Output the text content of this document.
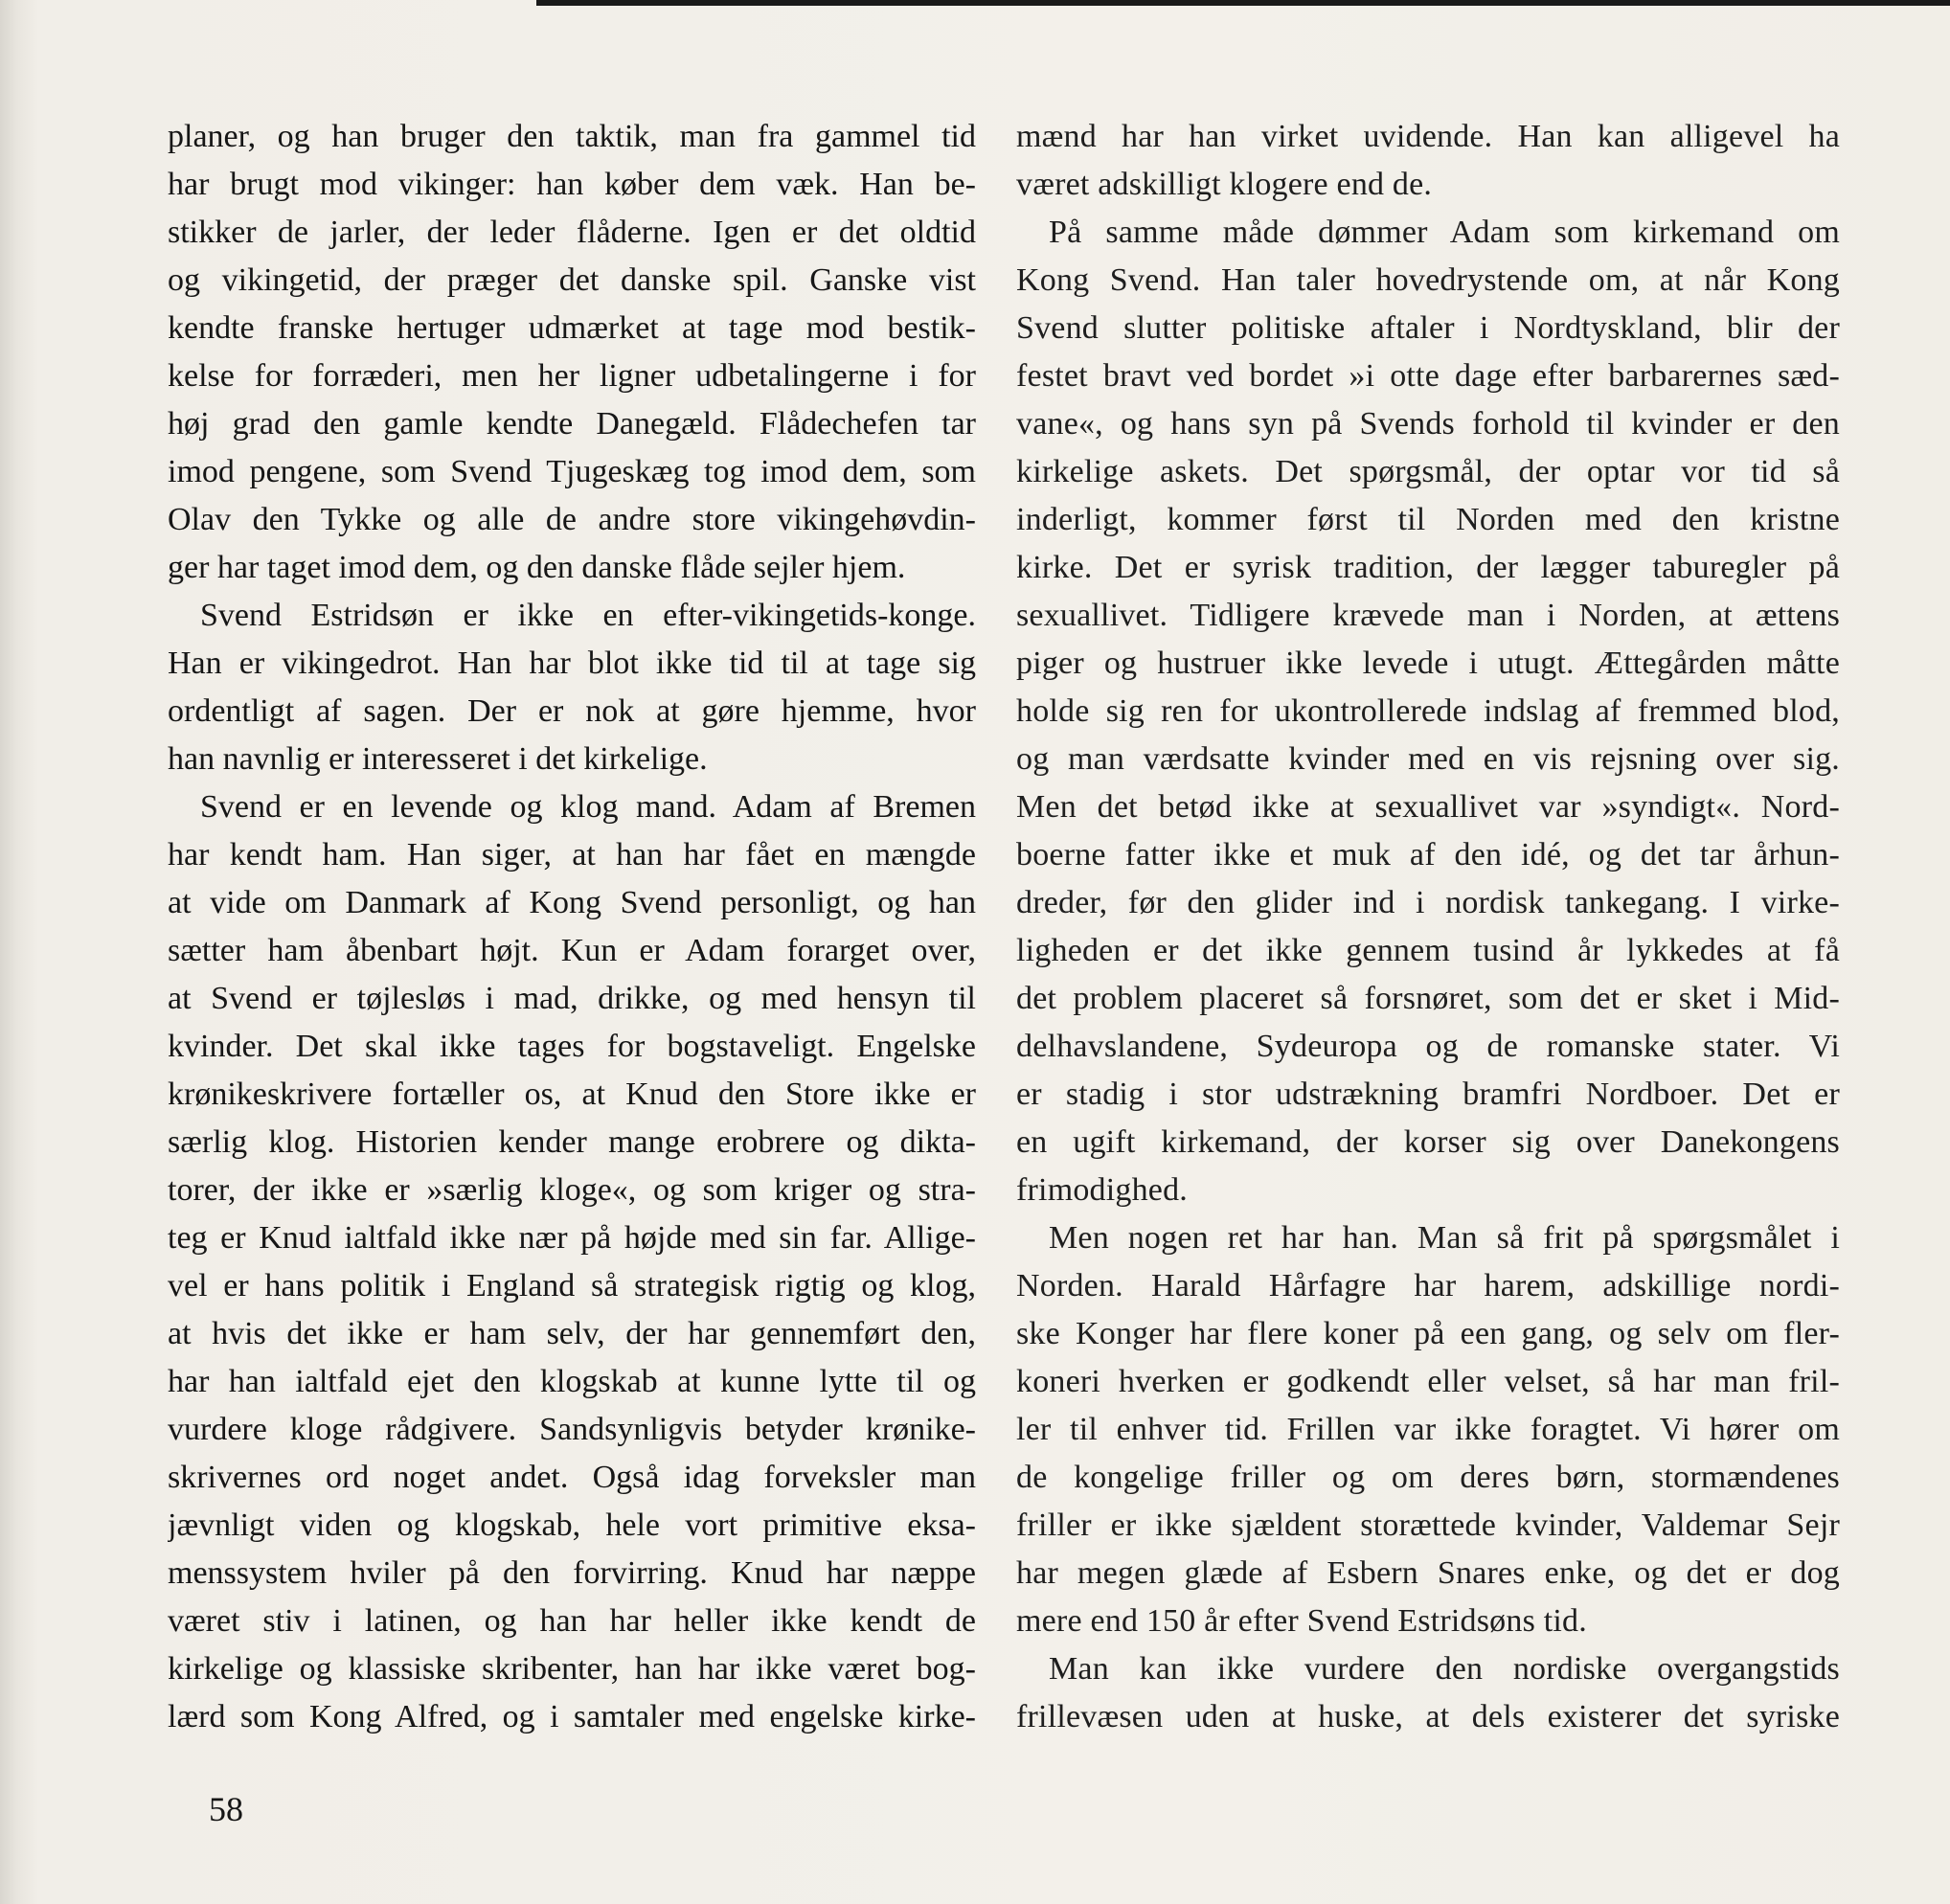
planer, og han bruger den taktik, man fra gammel tid
har brugt mod vikinger: han køber dem væk. Han be-
stikker de jarler, der leder flåderne. Igen er det oldtid
og vikingetid, der præger det danske spil. Ganske vist
kendte franske hertuger udmærket at tage mod bestik-
kelse for forræderi, men her ligner udbetalingerne i for
høj grad den gamle kendte Danegæld. Flådechefen tar
imod pengene, som Svend Tjugeskæg tog imod dem, som
Olav den Tykke og alle de andre store vikingehøvdin-
ger har taget imod dem, og den danske flåde sejler hjem.
Svend Estridsøn er ikke en efter-vikingetids-konge.
Han er vikingedrot. Han har blot ikke tid til at tage sig
ordentligt af sagen. Der er nok at gøre hjemme, hvor
han navnlig er interesseret i det kirkelige.
Svend er en levende og klog mand. Adam af Bremen
har kendt ham. Han siger, at han har fået en mængde
at vide om Danmark af Kong Svend personligt, og han
sætter ham åbenbart højt. Kun er Adam forarget over,
at Svend er tøjlesløs i mad, drikke, og med hensyn til
kvinder. Det skal ikke tages for bogstaveligt. Engelske
krønikeskrivere fortæller os, at Knud den Store ikke er
særlig klog. Historien kender mange erobrere og dikta-
torer, der ikke er »særlig kloge«, og som kriger og stra-
teg er Knud ialtfald ikke nær på højde med sin far. Allige-
vel er hans politik i England så strategisk rigtig og klog,
at hvis det ikke er ham selv, der har gennemført den,
har han ialtfald ejet den klogskab at kunne lytte til og
vurdere kloge rådgivere. Sandsynligvis betyder krønike-
skrivernes ord noget andet. Også idag forveksler man
jævnligt viden og klogskab, hele vort primitive eksa-
menssystem hviler på den forvirring. Knud har næppe
været stiv i latinen, og han har heller ikke kendt de
kirkelige og klassiske skribenter, han har ikke været bog-
lærd som Kong Alfred, og i samtaler med engelske kirke-
mænd har han virket uvidende. Han kan alligevel ha
været adskilligt klogere end de.
På samme måde dømmer Adam som kirkemand om
Kong Svend. Han taler hovedrystende om, at når Kong
Svend slutter politiske aftaler i Nordtyskland, blir der
festet bravt ved bordet »i otte dage efter barbarernes sæd-
vane«, og hans syn på Svends forhold til kvinder er den
kirkelige askets. Det spørgsmål, der optar vor tid så
inderligt, kommer først til Norden med den kristne
kirke. Det er syrisk tradition, der lægger taburegler på
sexuallivet. Tidligere krævede man i Norden, at ættens
piger og hustruer ikke levede i utugt. Ættegården måtte
holde sig ren for ukontrollerede indslag af fremmed blod,
og man værdsatte kvinder med en vis rejsning over sig.
Men det betød ikke at sexuallivet var »syndigt«. Nord-
boerne fatter ikke et muk af den idé, og det tar århun-
dreder, før den glider ind i nordisk tankegang. I virke-
ligheden er det ikke gennem tusind år lykkedes at få
det problem placeret så forsnøret, som det er sket i Mid-
delhavslandene, Sydeuropa og de romanske stater. Vi
er stadig i stor udstrækning bramfri Nordboer. Det er
en ugift kirkemand, der korser sig over Danekongens
frimodighed.
Men nogen ret har han. Man så frit på spørgsmålet i
Norden. Harald Hårfagre har harem, adskillige nordi-
ske Konger har flere koner på een gang, og selv om fler-
koneri hverken er godkendt eller velset, så har man fril-
ler til enhver tid. Frillen var ikke foragtet. Vi hører om
de kongelige friller og om deres børn, stormændenes
friller er ikke sjældent storættede kvinder, Valdemar Sejr
har megen glæde af Esbern Snares enke, og det er dog
mere end 150 år efter Svend Estridsøns tid.
Man kan ikke vurdere den nordiske overgangstids
frillevæsen uden at huske, at dels existerer det syriske
58
